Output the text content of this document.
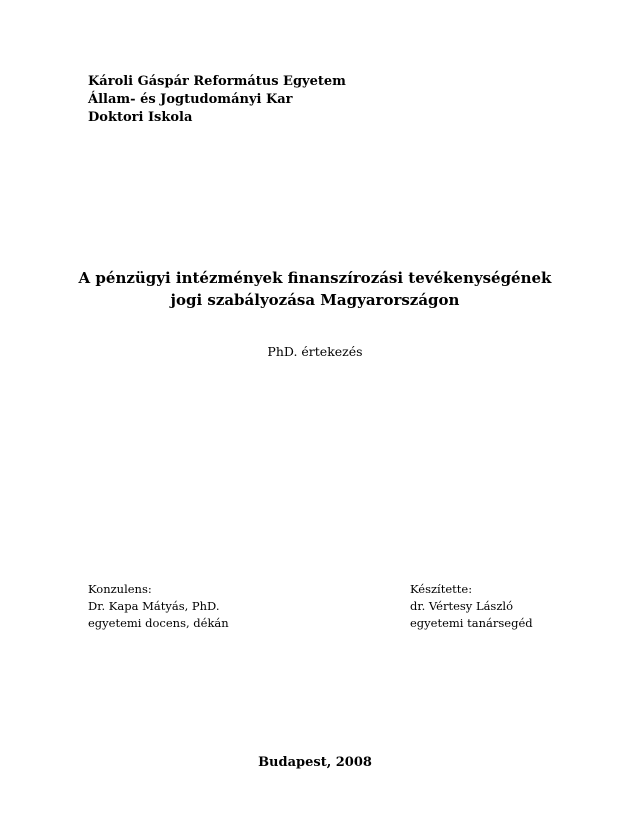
Károli Gáspár Református Egyetem
Állam- és Jogtudományi Kar
Doktori Iskola
A pénzügyi intézmények finanszírozási tevékenységének
jogi szabályozása Magyarországon
PhD. értekezés
Konzulens:
Dr. Kapa Mátyás, PhD.
egyetemi docens, dékán
Készítette:
dr. Vértesy László
egyetemi tanársegéd
Budapest, 2008
